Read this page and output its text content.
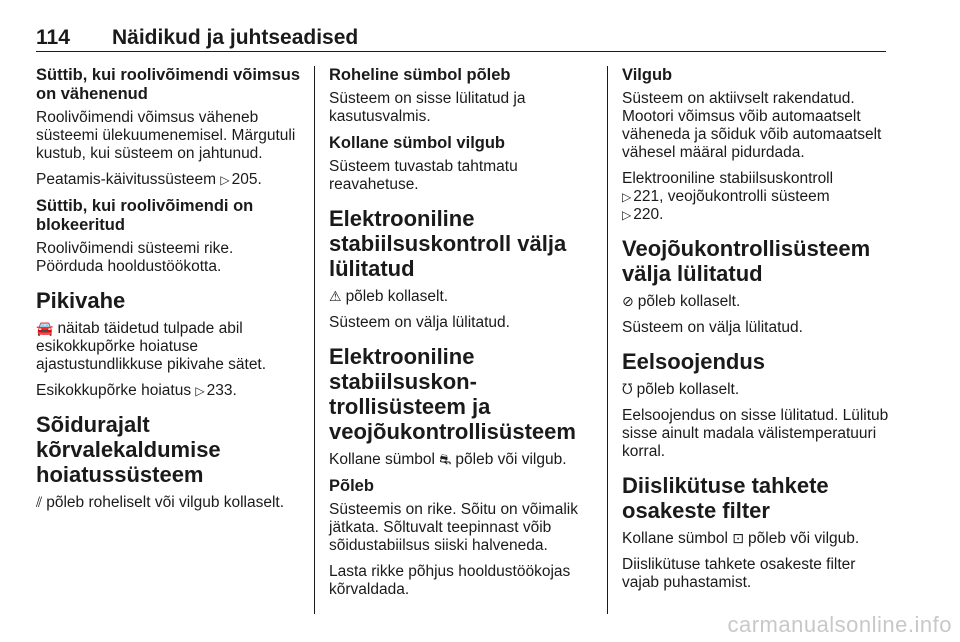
114 Näidikud ja juhtseadised
Süttib, kui roolivõimendi võimsus on vähenenud

Roolivõimendi võimsus väheneb süsteemi ülekuumenemisel. Märgutuli kustub, kui süsteem on jahtunud.

Peatamis-käivitussüsteem ▷ 205.

Süttib, kui roolivõimendi on blokeeritud

Roolivõimendi süsteemi rike. Pöörduda hooldustöökotta.

Pikivahe

🚘 näitab täidetud tulpade abil esikokkupõrke hoiatuse ajastustundlikkuse pikivahe sätet.

Esikokkupõrke hoiatus ▷ 233.

Sõidurajalt kõrvalekaldumise hoiatussüsteem

⫽ põleb roheliselt või vilgub kollaselt.

Roheline sümbol põleb

Süsteem on sisse lülitatud ja kasutusvalmis.

Kollane sümbol vilgub

Süsteem tuvastab tahtmatu reavahetuse.

Elektrooniline stabiilsuskontroll välja lülitatud

⚠ põleb kollaselt.

Süsteem on välja lülitatud.

Elektrooniline stabiilsuskontrollisüsteem ja veojõukontrollisüsteem

Kollane sümbol ⛐ põleb või vilgub.

Põleb

Süsteemis on rike. Sõitu on võimalik jätkata. Sõltuvalt teepinnast võib sõidustabiilsus siiski halveneda.

Lasta rikke põhjus hooldustöökojas kõrvaldada.

Vilgub

Süsteem on aktiivselt rakendatud. Mootori võimsus võib automaatselt väheneda ja sõiduk võib automaatselt vähesel määral pidurdada.

Elektrooniline stabiilsuskontroll
▷ 221, veojõukontrolli süsteem
▷ 220.

Veojõukontrollisüsteem välja lülitatud

⊘ põleb kollaselt.

Süsteem on välja lülitatud.

Eelsoojendus

ᘮ põleb kollaselt.

Eelsoojendus on sisse lülitatud. Lülitub sisse ainult madala välistemperatuuri korral.

Diislikütuse tahkete osakeste filter

Kollane sümbol ⊡ põleb või vilgub.

Diislikütuse tahkete osakeste filter vajab puhastamist.

carmanualsonline.info
